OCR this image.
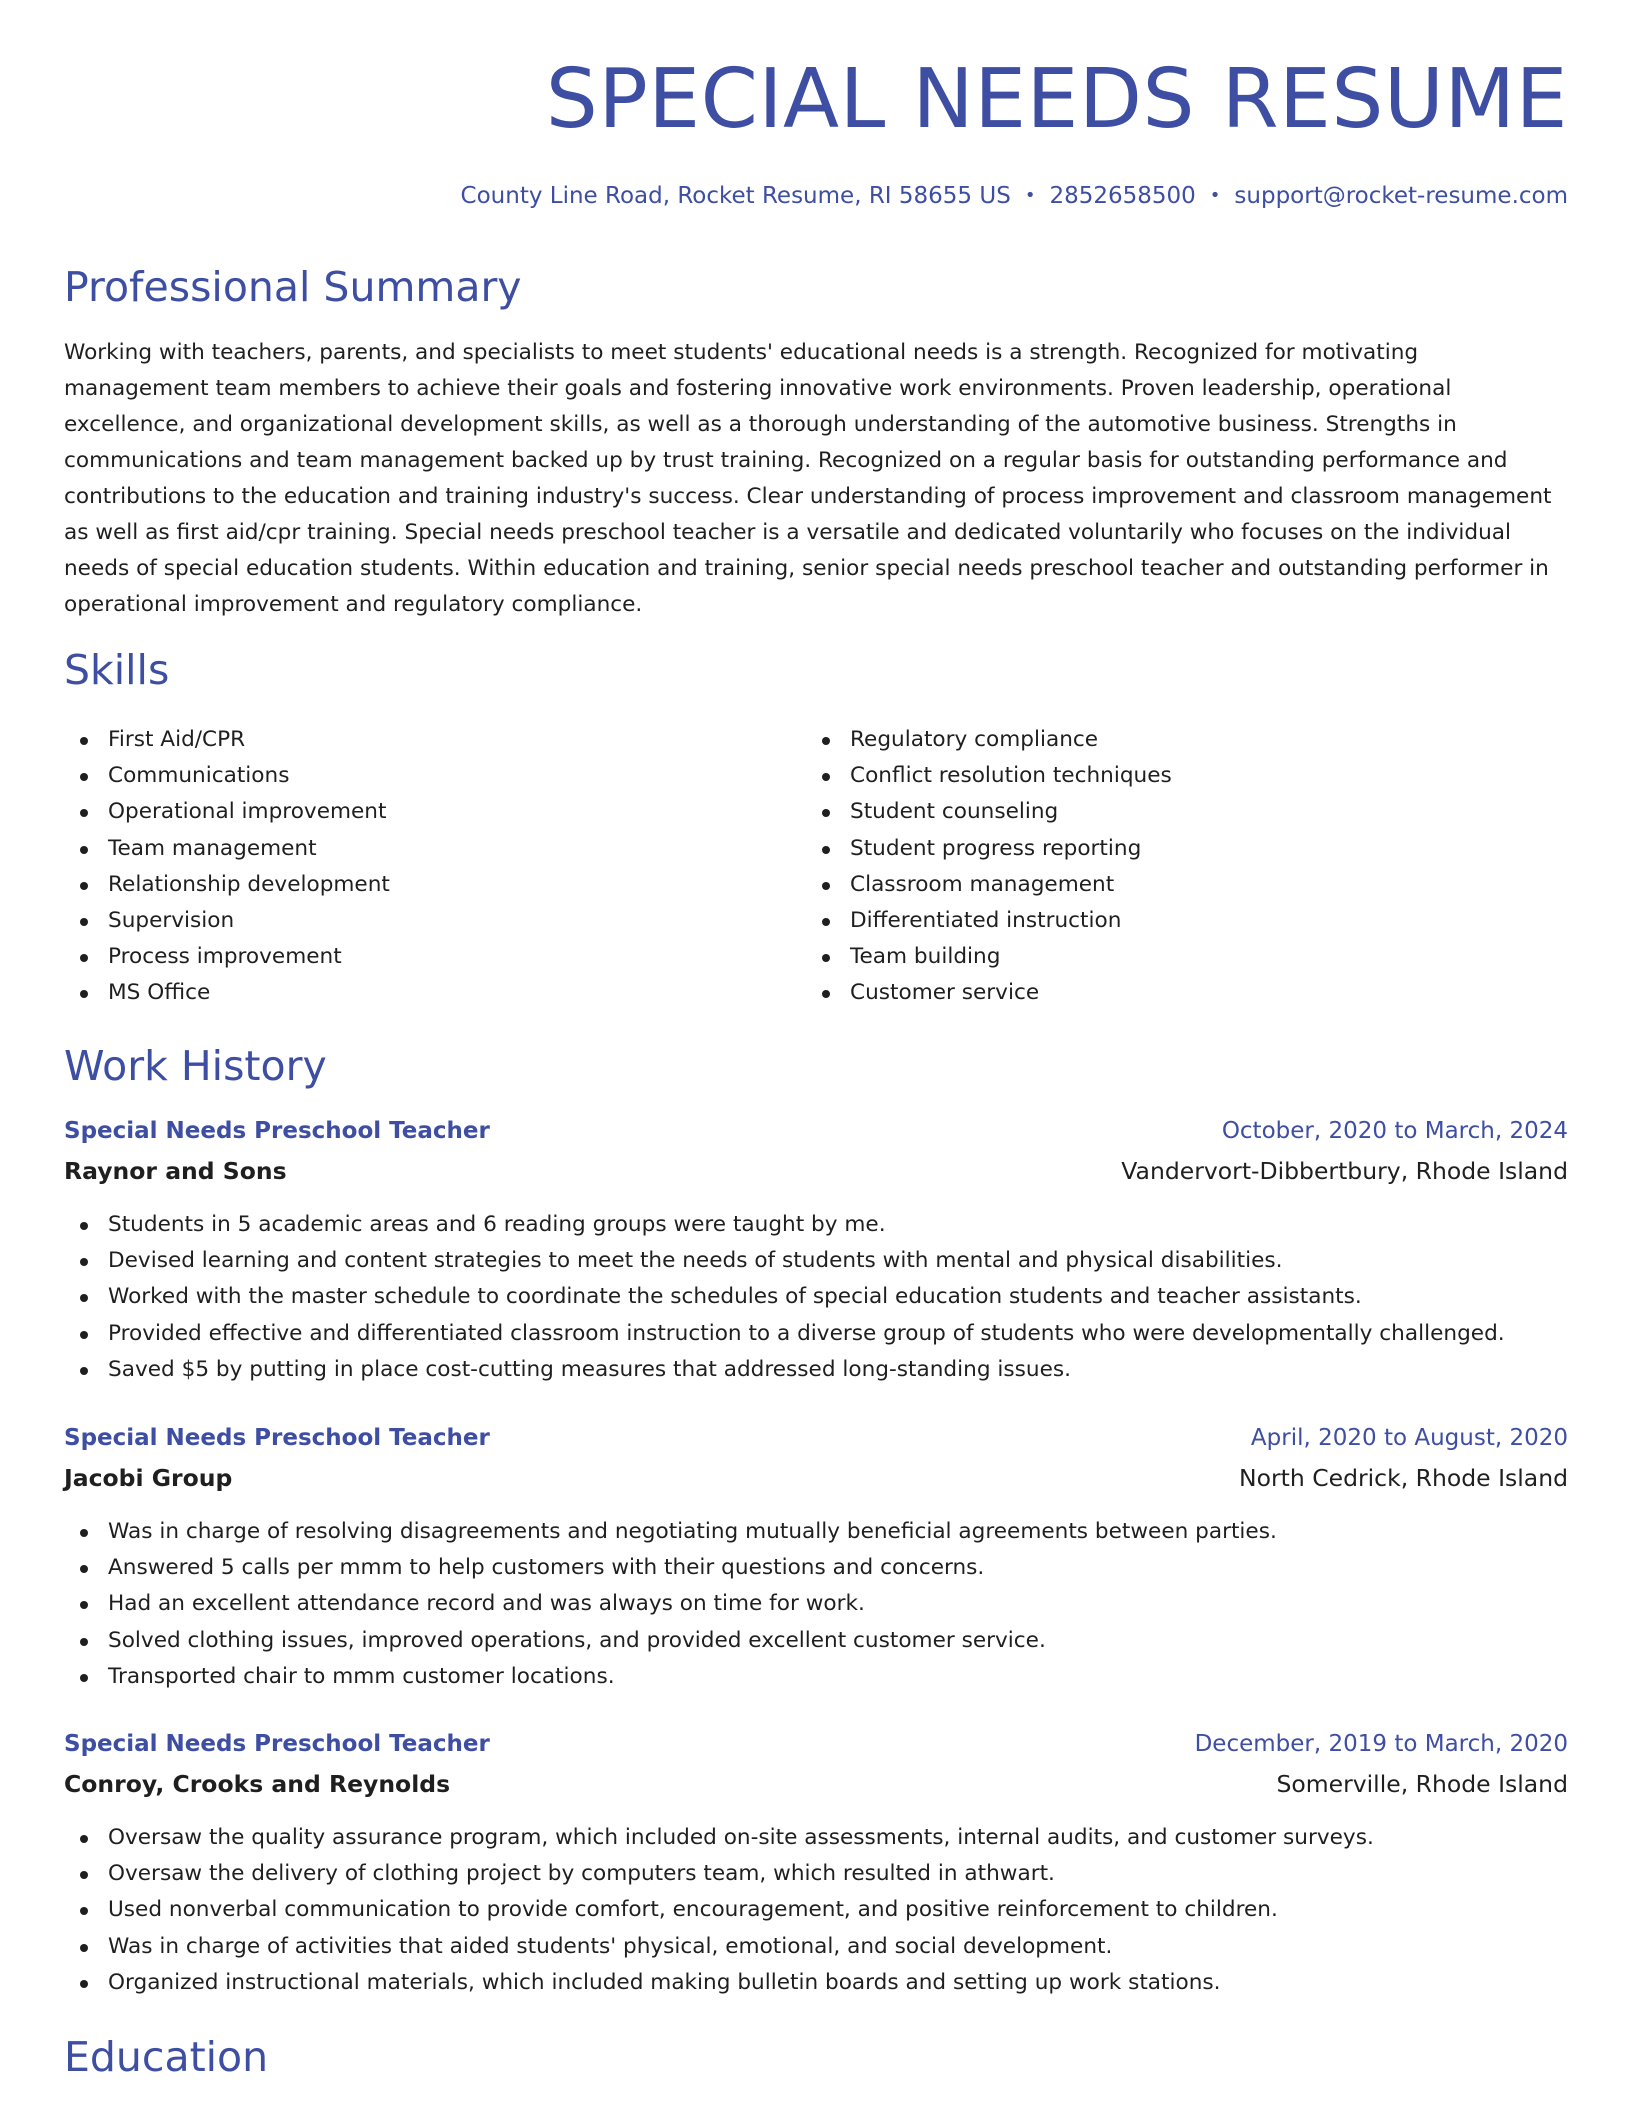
SPECIAL NEEDS RESUME
County Line Road, Rocket Resume, RI 58655 US • 2852658500 • support@rocket-resume.com
Professional Summary

Working with teachers, parents, and specialists to meet students' educational needs is a strength. Recognized for motivating management team members to achieve their goals and fostering innovative work environments. Proven leadership, operational excellence, and organizational development skills, as well as a thorough understanding of the automotive business. Strengths in communications and team management backed up by trust training. Recognized on a regular basis for outstanding performance and contributions to the education and training industry's success. Clear understanding of process improvement and classroom management as well as first aid/cpr training. Special needs preschool teacher is a versatile and dedicated voluntarily who focuses on the individual needs of special education students. Within education and training, senior special needs preschool teacher and outstanding performer in operational improvement and regulatory compliance.

Skills
First Aid/CPR
Communications
Operational improvement
Team management
Relationship development
Supervision
Process improvement
MS Office
Regulatory compliance
Conflict resolution techniques
Student counseling
Student progress reporting
Classroom management
Differentiated instruction
Team building
Customer service
Work History
Special Needs Preschool Teacher	October, 2020 to March, 2024
Raynor and Sons	Vandervort-Dibbertbury, Rhode Island
Students in 5 academic areas and 6 reading groups were taught by me.
Devised learning and content strategies to meet the needs of students with mental and physical disabilities.
Worked with the master schedule to coordinate the schedules of special education students and teacher assistants.
Provided effective and differentiated classroom instruction to a diverse group of students who were developmentally challenged.
Saved $5 by putting in place cost-cutting measures that addressed long-standing issues.
Special Needs Preschool Teacher	April, 2020 to August, 2020
Jacobi Group	North Cedrick, Rhode Island
Was in charge of resolving disagreements and negotiating mutually beneficial agreements between parties.
Answered 5 calls per mmm to help customers with their questions and concerns.
Had an excellent attendance record and was always on time for work.
Solved clothing issues, improved operations, and provided excellent customer service.
Transported chair to mmm customer locations.
Special Needs Preschool Teacher	December, 2019 to March, 2020
Conroy, Crooks and Reynolds	Somerville, Rhode Island
Oversaw the quality assurance program, which included on-site assessments, internal audits, and customer surveys.
Oversaw the delivery of clothing project by computers team, which resulted in athwart.
Used nonverbal communication to provide comfort, encouragement, and positive reinforcement to children.
Was in charge of activities that aided students' physical, emotional, and social development.
Organized instructional materials, which included making bulletin boards and setting up work stations.
Education
